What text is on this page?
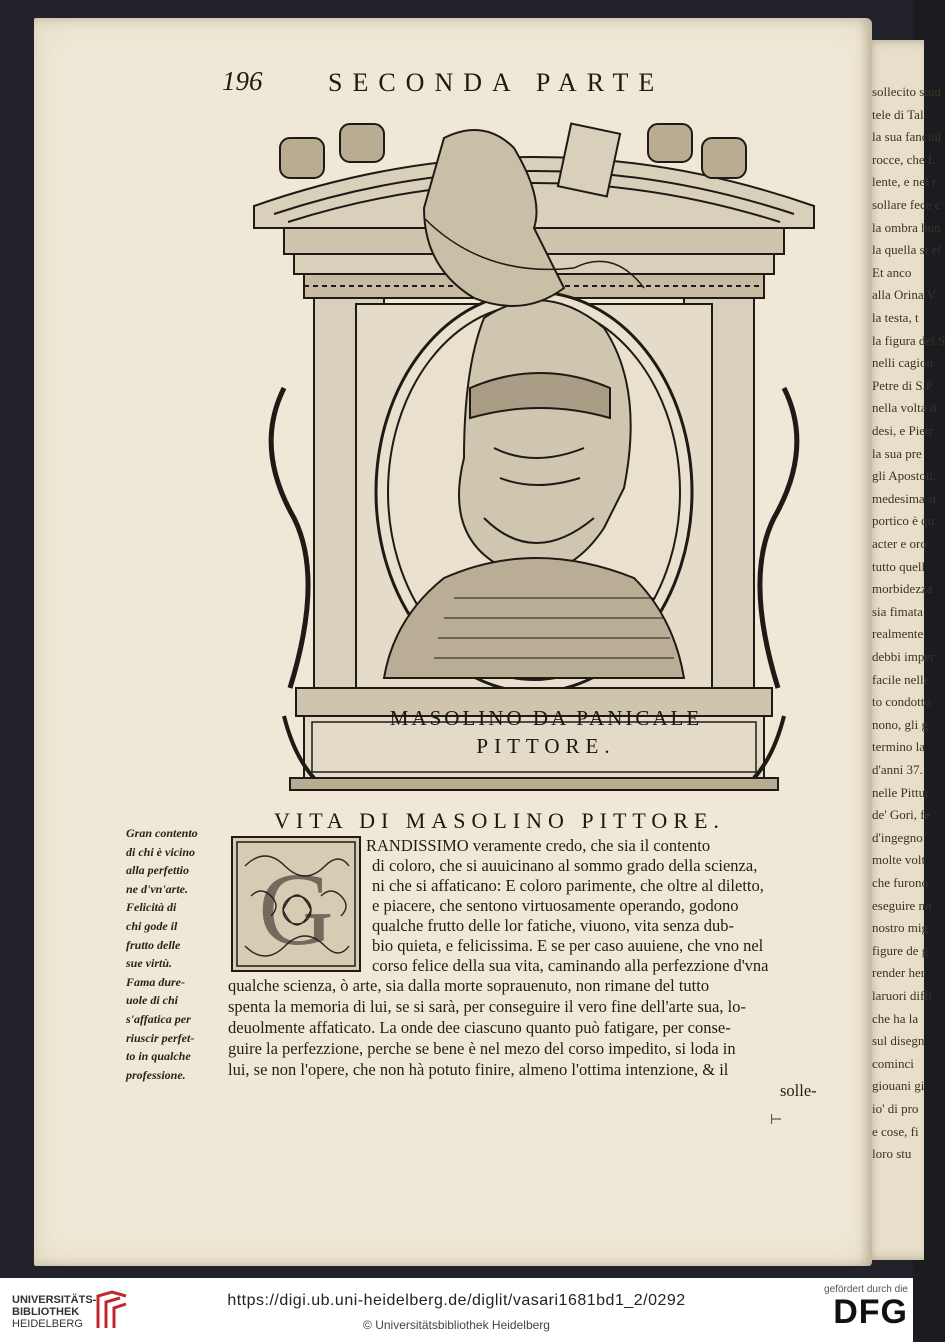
sollecito stud
tele di Tal
la sua fanciul
rocce, che L
lente, e nel r
sollare fece c
la ombra hun
la quella si el
Et anco
alla Orina V
la testa, t
la figura del S
nelli cagion
Petre di S.P
nella volta d
desi, e Pietr
la sua pre
gli Apostoli,
medesima st
portico è qu
acter e oro
tutto quell
morbidezza
sia fimata
realmente
debbi imper
facile nelle
to condotto
nono, gli g
termino la
d'anni 37.
nelle Pittur
de' Gori, fe
d'ingegno
molte volt
che furono
eseguire no
nostro mig
figure de g
render her
laruori diffi
che ha la
sul disegn
cominci
giouani gi
io' di pro
e cose, fi
loro stu
196	SECONDA PARTE
MASOLINO DA PANICALE
PITTORE.
VITA DI MASOLINO PITTORE.
Gran contento
di chi è vicino
alla perfettio
ne d'vn'arte.
Felicità di
chi gode il
frutto delle
sue virtù.
Fama dure-
uole di chi
s'affatica per
riuscir perfet-
to in qualche
professione.
G
RANDISSIMO veramente credo, che sia il contento
di coloro, che si auuicinano al sommo grado della scienza,
ni che si affaticano: E coloro parimente, che oltre al diletto,
e piacere, che sentono virtuosamente operando, godono
qualche frutto delle lor fatiche, viuono, vita senza dub-
bio quieta, e felicissima. E se per caso auuiene, che vno nel
corso felice della sua vita, caminando alla perfezzione d'vna
qualche scienza, ò arte, sia dalla morte soprauenuto, non rimane del tutto
spenta la memoria di lui, se si sarà, per conseguire il vero fine dell'arte sua, lo-
deuolmente affaticato. La onde dee ciascuno quanto può fatigare, per conse-
guire la perfezzione, perche se bene è nel mezo del corso impedito, si loda in
lui, se non l'opere, che non hà potuto finire, almeno l'ottima intenzione, & il
solle-
⊢
UNIVERSITÄTS-
BIBLIOTHEK
HEIDELBERG
https://digi.ub.uni-heidelberg.de/diglit/vasari1681bd1_2/0292
© Universitätsbibliothek Heidelberg
gefördert durch die
DFG
